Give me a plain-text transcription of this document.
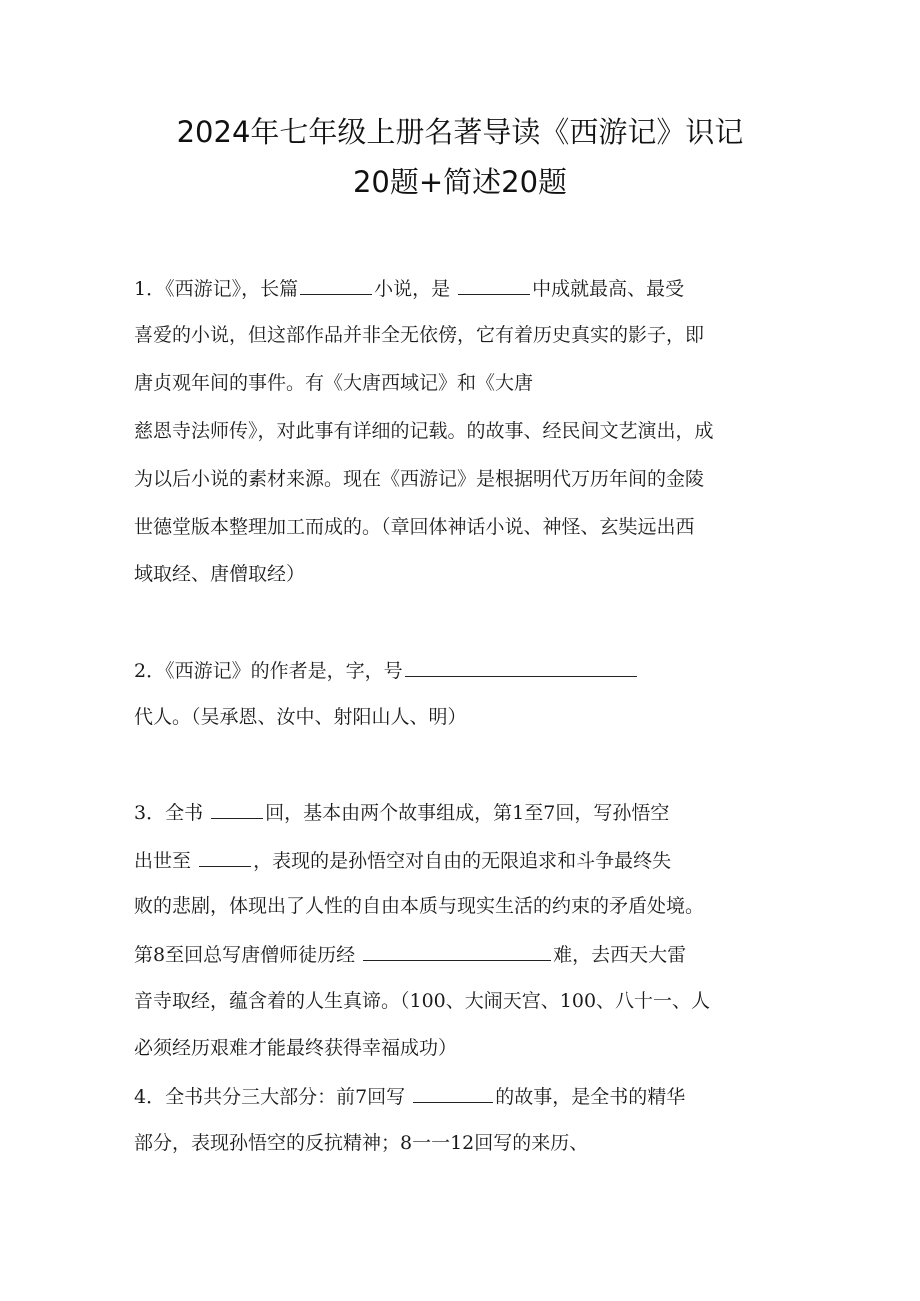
2024年七年级上册名著导读《西游记》识记
20题+简述20题
1．《西游记》，长篇	小说，是	中成就最高、最受
喜爱的小说，但这部作品并非全无依傍，它有着历史真实的影子，即
唐贞观年间的事件。有《大唐西域记》和《大唐
慈恩寺法师传》，对此事有详细的记载。的故事、经民间文艺演出，成
为以后小说的素材来源。现在《西游记》是根据明代万历年间的金陵
世德堂版本整理加工而成的。（章回体神话小说、神怪、玄奘远出西
域取经、唐僧取经）
2．《西游记》的作者是，字，号
代人。（吴承恩、汝中、射阳山人、明）
3．全书	回，基本由两个故事组成，第1至7回，写孙悟空
出世至	，表现的是孙悟空对自由的无限追求和斗争最终失
败的悲剧，体现出了人性的自由本质与现实生活的约束的矛盾处境。
第8至回总写唐僧师徒历经	难，去西天大雷
音寺取经，蕴含着的人生真谛。（100、大闹天宫、100、八十一、人
必须经历艰难才能最终获得幸福成功）
4．全书共分三大部分：前7回写	的故事，是全书的精华
部分，表现孙悟空的反抗精神；8一一12回写的来历、
